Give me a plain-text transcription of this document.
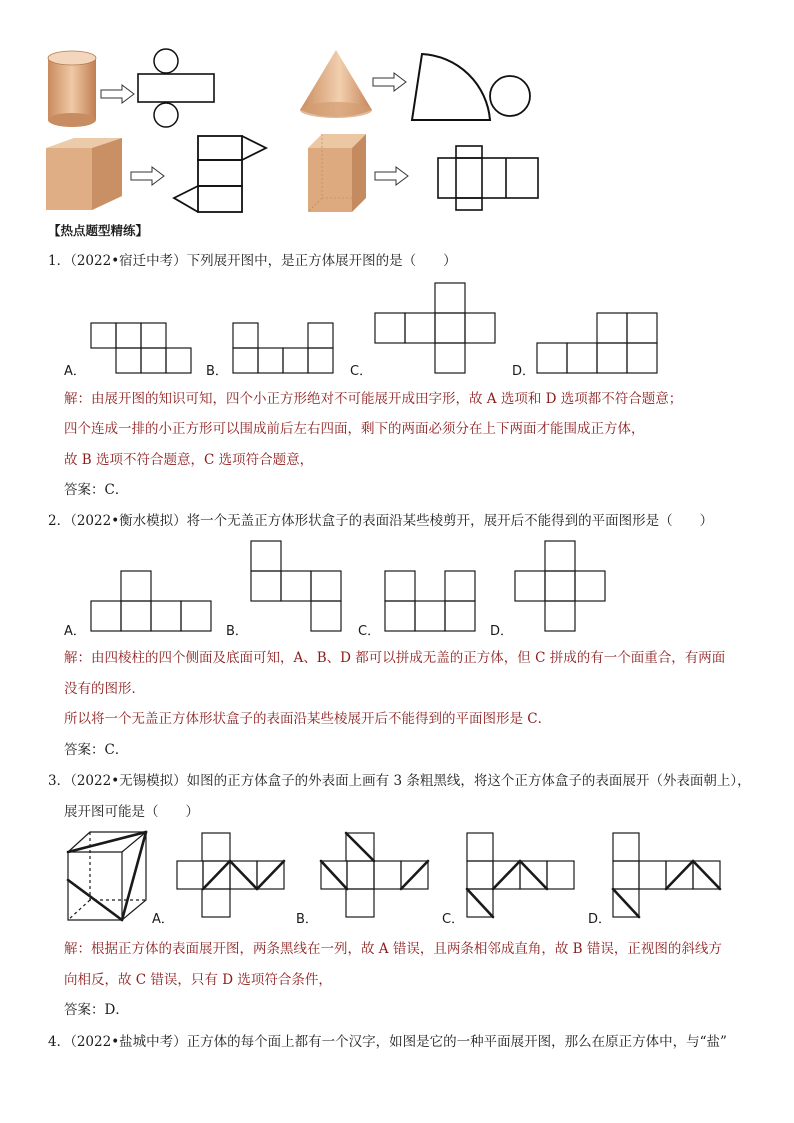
【热点题型精练】
1．（2022•宿迁中考）下列展开图中，是正方体展开图的是（　　）
A．	B．	C．	D．
解：由展开图的知识可知，四个小正方形绝对不可能展开成田字形，故 A 选项和 D 选项都不符合题意；
四个连成一排的小正方形可以围成前后左右四面，剩下的两面必须分在上下两面才能围成正方体，
故 B 选项不符合题意，C 选项符合题意，
答案：C．
2．（2022•衡水模拟）将一个无盖正方体形状盒子的表面沿某些棱剪开，展开后不能得到的平面图形是（　　）
A．	B．	C．	D．
解：由四棱柱的四个侧面及底面可知，A、B、D 都可以拼成无盖的正方体，但 C 拼成的有一个面重合，有两面
没有的图形．
所以将一个无盖正方体形状盒子的表面沿某些棱展开后不能得到的平面图形是 C．
答案：C．
3．（2022•无锡模拟）如图的正方体盒子的外表面上画有 3 条粗黑线，将这个正方体盒子的表面展开（外表面朝上），
展开图可能是（　　）
A．	B．	C．	D．
解：根据正方体的表面展开图，两条黑线在一列，故 A 错误，且两条相邻成直角，故 B 错误，正视图的斜线方
向相反，故 C 错误，只有 D 选项符合条件，
答案：D．
4．（2022•盐城中考）正方体的每个面上都有一个汉字，如图是它的一种平面展开图，那么在原正方体中，与“盐”
